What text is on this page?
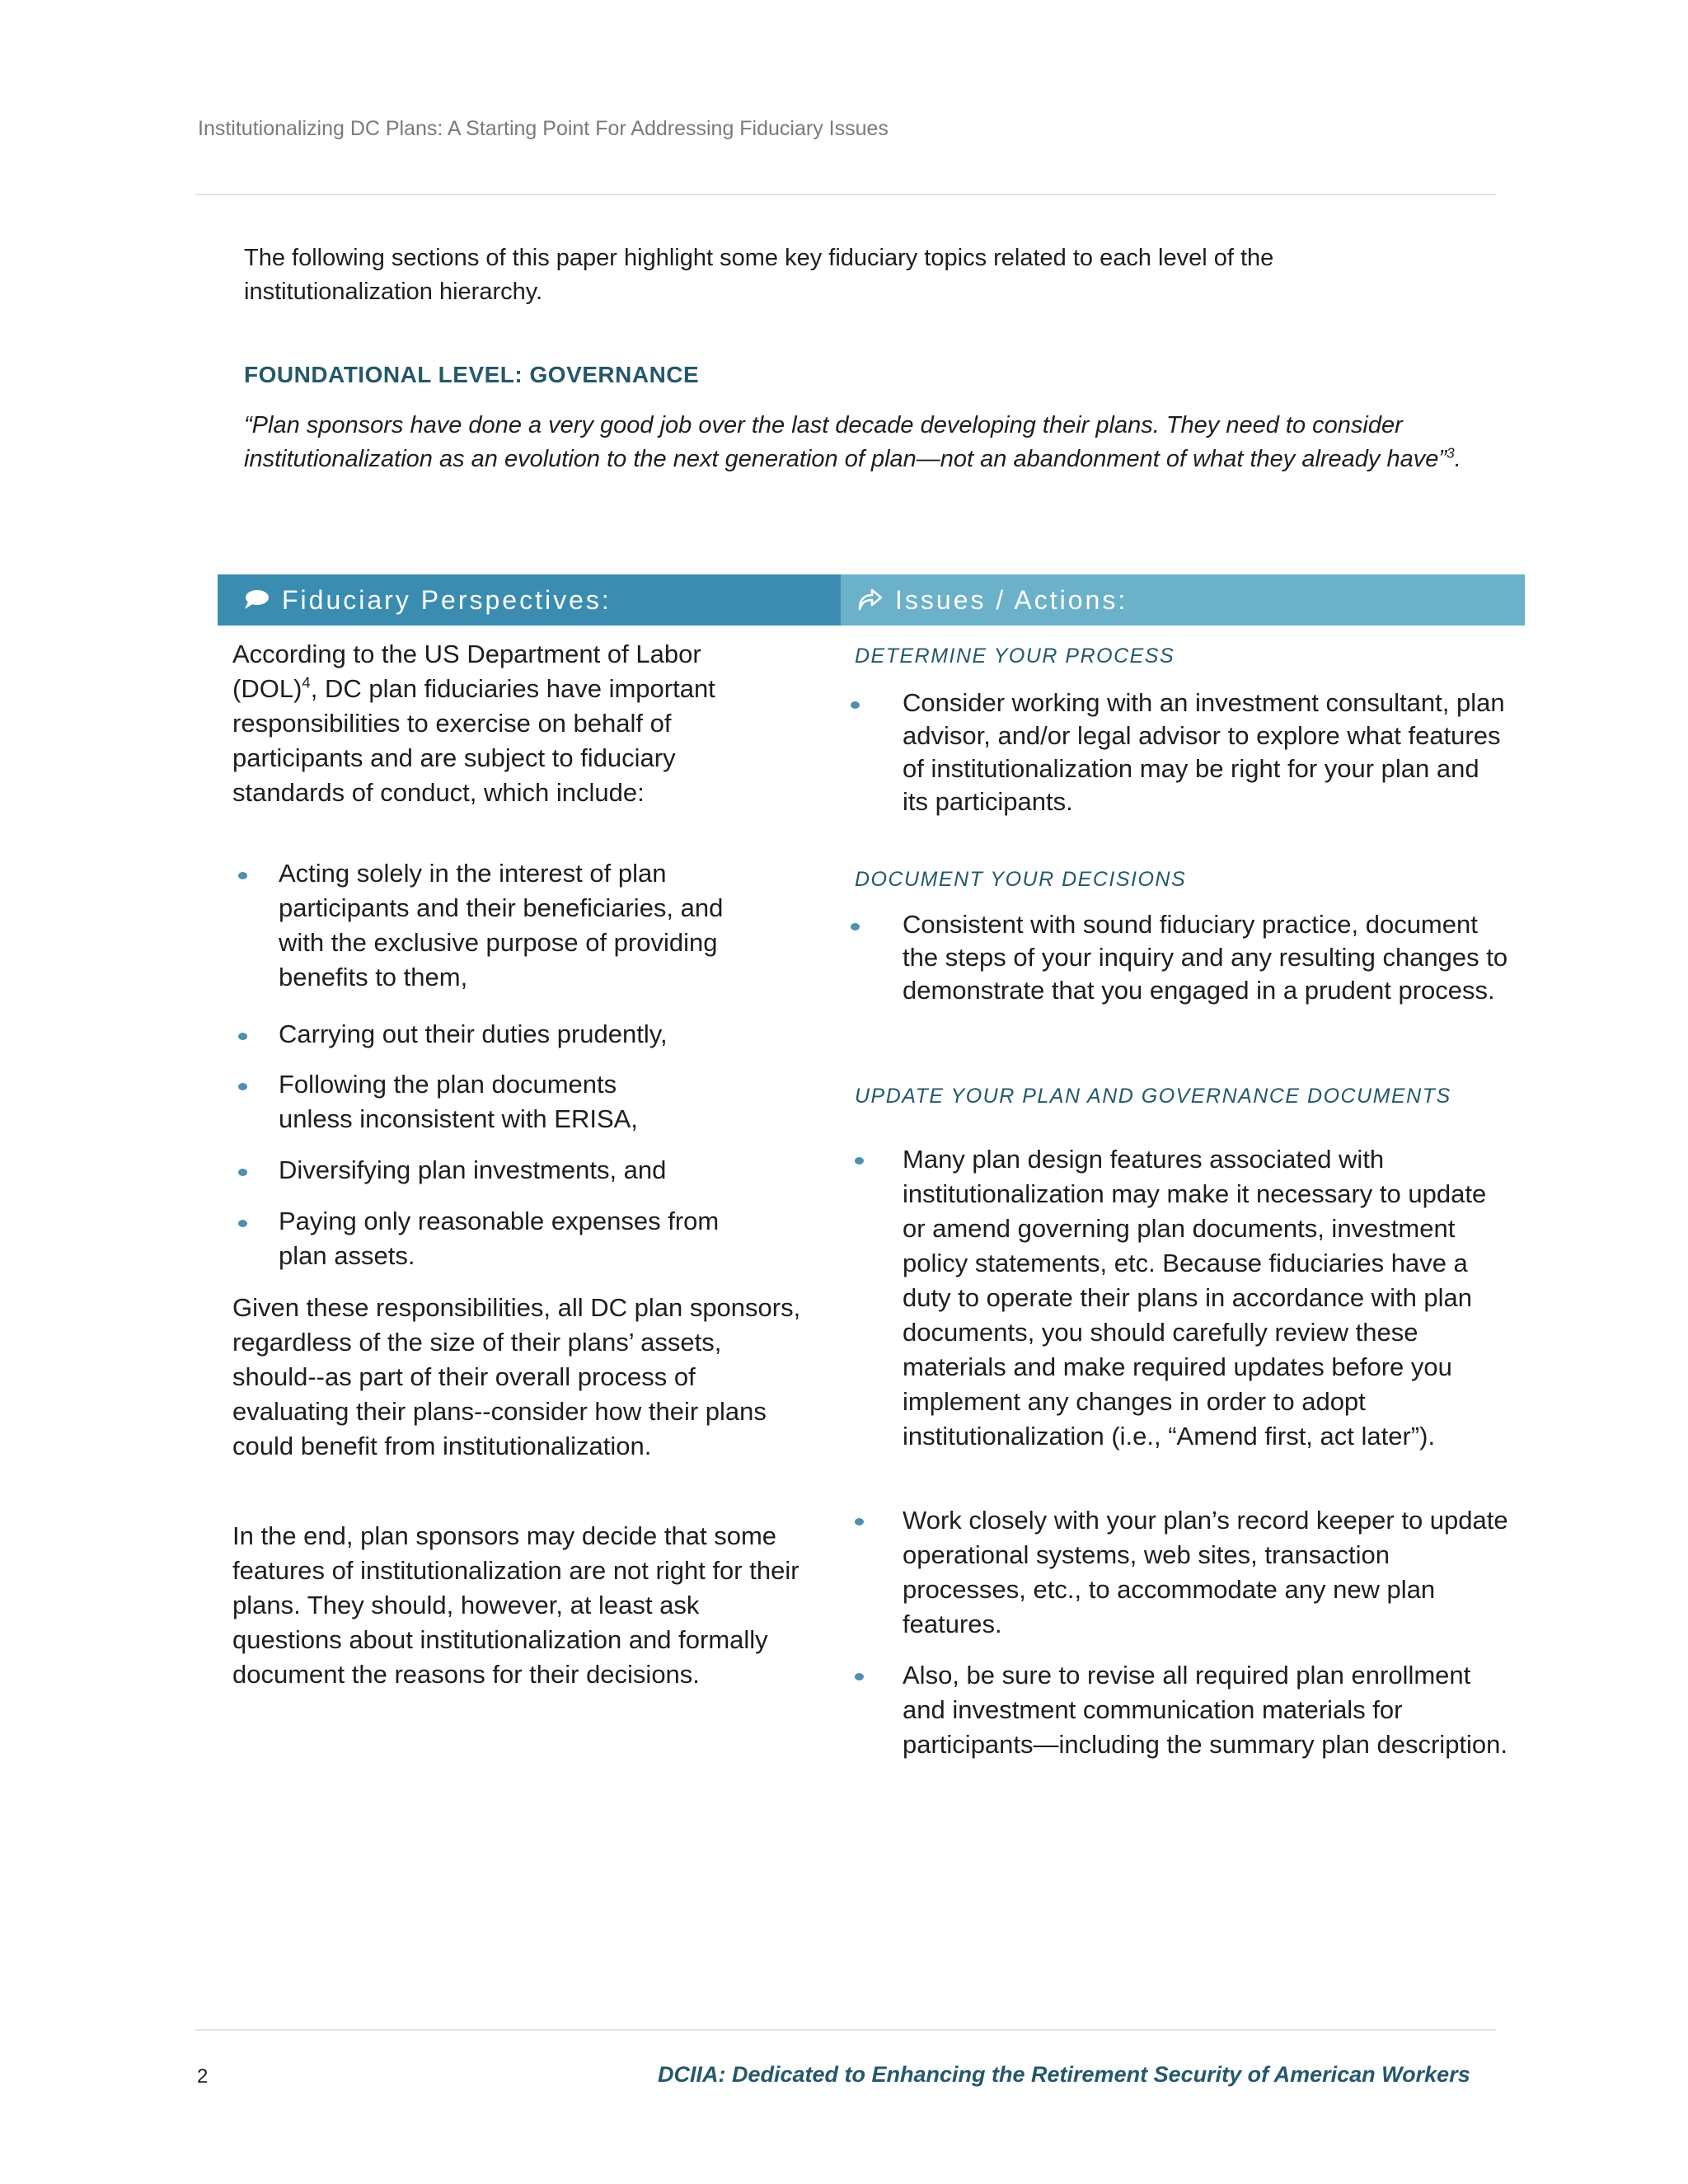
Institutionalizing DC Plans: A Starting Point For Addressing Fiduciary Issues
The following sections of this paper highlight some key fiduciary topics related to each level of the institutionalization hierarchy.
FOUNDATIONAL LEVEL: GOVERNANCE
“Plan sponsors have done a very good job over the last decade developing their plans. They need to consider institutionalization as an evolution to the next generation of plan—not an abandonment of what they already have”$^3$.
Fiduciary Perspectives:	Issues / Actions:
According to the US Department of Labor (DOL)$^4$, DC plan fiduciaries have important responsibilities to exercise on behalf of participants and are subject to fiduciary standards of conduct, which include:
Acting solely in the interest of plan participants and their beneficiaries, and with the exclusive purpose of providing benefits to them,
Carrying out their duties prudently,
Following the plan documents unless inconsistent with ERISA,
Diversifying plan investments, and
Paying only reasonable expenses from plan assets.
Given these responsibilities, all DC plan sponsors, regardless of the size of their plans’ assets, should--as part of their overall process of evaluating their plans--consider how their plans could benefit from institutionalization.
In the end, plan sponsors may decide that some features of institutionalization are not right for their plans. They should, however, at least ask questions about institutionalization and formally document the reasons for their decisions.
DETERMINE YOUR PROCESS
Consider working with an investment consultant, plan advisor, and/or legal advisor to explore what features of institutionalization may be right for your plan and its participants.
DOCUMENT YOUR DECISIONS
Consistent with sound fiduciary practice, document the steps of your inquiry and any resulting changes to demonstrate that you engaged in a prudent process.
UPDATE YOUR PLAN AND GOVERNANCE DOCUMENTS
Many plan design features associated with institutionalization may make it necessary to update or amend governing plan documents, investment policy statements, etc. Because fiduciaries have a duty to operate their plans in accordance with plan documents, you should carefully review these materials and make required updates before you implement any changes in order to adopt institutionalization (i.e., “Amend first, act later”).
Work closely with your plan’s record keeper to update operational systems, web sites, transaction processes, etc., to accommodate any new plan features.
Also, be sure to revise all required plan enrollment and investment communication materials for participants—including the summary plan description.
2	DCIIA: Dedicated to Enhancing the Retirement Security of American Workers
